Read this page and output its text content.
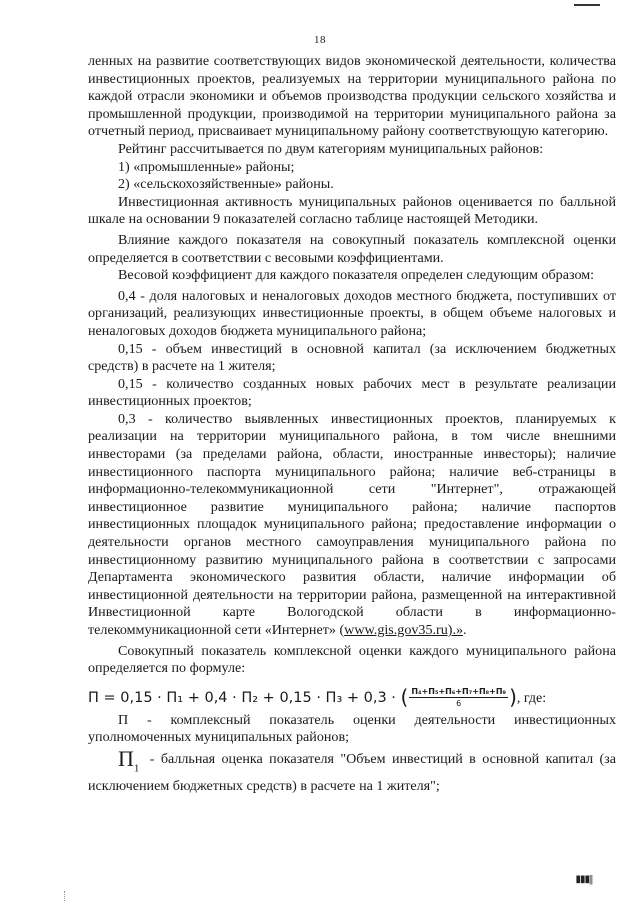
18

ленных на развитие соответствующих видов экономической деятельности, количества инвестиционных проектов, реализуемых на территории муниципального района по каждой отрасли экономики и объемов производства продукции сельского хозяйства и промышленной продукции, производимой на территории муниципального района за отчетный период, присваивает муниципальному району соответствующую категорию.

Рейтинг рассчитывается по двум категориям муниципальных районов:

1) «промышленные» районы;

2) «сельскохозяйственные» районы.

Инвестиционная активность муниципальных районов оценивается по балльной шкале на основании 9 показателей согласно таблице настоящей Методики.

Влияние каждого показателя на совокупный показатель комплексной оценки определяется в соответствии с весовыми коэффициентами.

Весовой коэффициент для каждого показателя определен следующим образом:

0,4 - доля налоговых и неналоговых доходов местного бюджета, поступивших от организаций, реализующих инвестиционные проекты, в общем объеме налоговых и неналоговых доходов бюджета муниципального района;

0,15 - объем инвестиций в основной капитал (за исключением бюджетных средств) в расчете на 1 жителя;

0,15 - количество созданных новых рабочих мест в результате реализации инвестиционных проектов;

0,3 - количество выявленных инвестиционных проектов, планируемых к реализации на территории муниципального района, в том числе внешними инвесторами (за пределами района, области, иностранные инвесторы); наличие инвестиционного паспорта муниципального района; наличие веб-страницы в информационно-телекоммуникационной сети "Интернет", отражающей инвестиционное развитие муниципального района; наличие паспортов инвестиционных площадок муниципального района; предоставление информации о деятельности органов местного самоуправления муниципального района по инвестиционному развитию муниципального района в соответствии с запросами Департамента экономического развития области, наличие информации об инвестиционной деятельности на территории района, размещенной на интерактивной Инвестиционной карте Вологодской области в информационно-телекоммуникационной сети «Интернет» (www.gis.gov35.ru).».

Совокупный показатель комплексной оценки каждого муниципального района определяется по формуле:

П = 0,15 · П₁ + 0,4 · П₂ + 0,15 · П₃ + 0,3 · ( $\frac{\text{П₄+П₅+П₆+П₇+П₈+П₉}}{6}$ ), где:

П - комплексный показатель оценки деятельности инвестиционных уполномоченных муниципальных районов;

$П_1$ - балльная оценка показателя "Объем инвестиций в основной капитал (за исключением бюджетных средств) в расчете на 1 жителя";

▮▮▮|||
